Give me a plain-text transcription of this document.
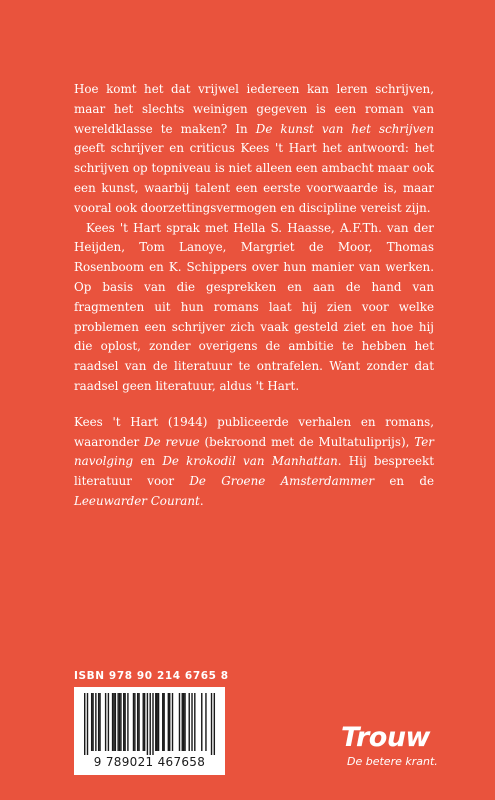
Hoe komt het dat vrijwel iedereen kan leren schrijven, maar het slechts weinigen gegeven is een roman van wereldklasse te maken? In De kunst van het schrijven geeft schrijver en criticus Kees 't Hart het antwoord: het schrijven op topniveau is niet alleen een ambacht maar ook een kunst, waarbij talent een eerste voorwaarde is, maar vooral ook doorzettingsvermogen en discipline vereist zijn.

Kees 't Hart sprak met Hella S. Haasse, A.F.Th. van der Heijden, Tom Lanoye, Margriet de Moor, Thomas Rosenboom en K. Schippers over hun manier van werken. Op basis van die gesprekken en aan de hand van fragmenten uit hun romans laat hij zien voor welke problemen een schrijver zich vaak gesteld ziet en hoe hij die oplost, zonder overigens de ambitie te hebben het raadsel van de literatuur te ontrafelen. Want zonder dat raadsel geen literatuur, aldus 't Hart.

Kees 't Hart (1944) publiceerde verhalen en romans, waaronder De revue (bekroond met de Multatuliprijs), Ter navolging en De krokodil van Manhattan. Hij bespreekt literatuur voor De Groene Amsterdammer en de Leeuwarder Courant.

ISBN 978 90 214 6765 8
9 789021 467658
Trouw
De betere krant.
